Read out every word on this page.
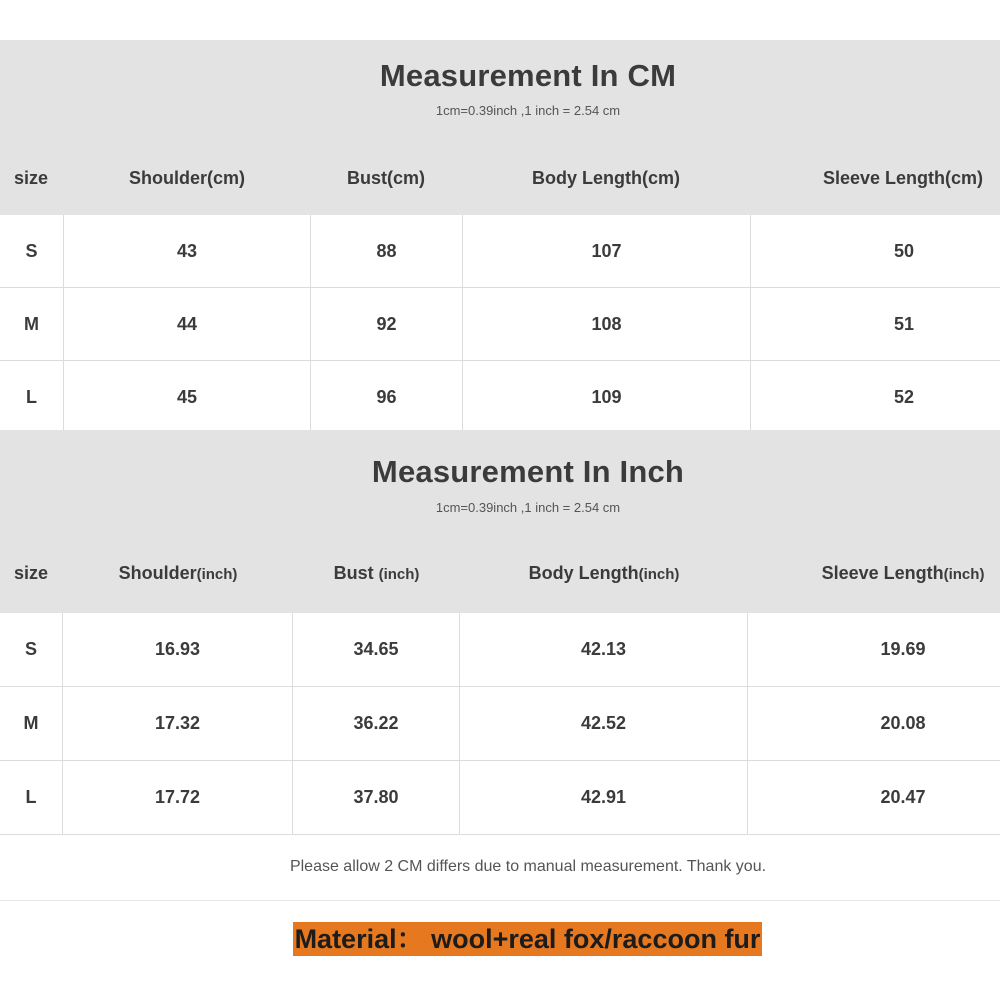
Measurement In CM
1cm=0.39inch ,1 inch = 2.54 cm
size	Shoulder(cm)	Bust(cm)	Body Length(cm)	Sleeve Length(cm)
S	43	88	107	50
M	44	92	108	51
L	45	96	109	52
Measurement In Inch
1cm=0.39inch ,1 inch = 2.54 cm
size	Shoulder(inch)	Bust (inch)	Body Length(inch)	Sleeve Length(inch)
S	16.93	34.65	42.13	19.69
M	17.32	36.22	42.52	20.08
L	17.72	37.80	42.91	20.47
Please allow 2 CM differs due to manual measurement. Thank you.
Material： wool+real fox/raccoon fur
